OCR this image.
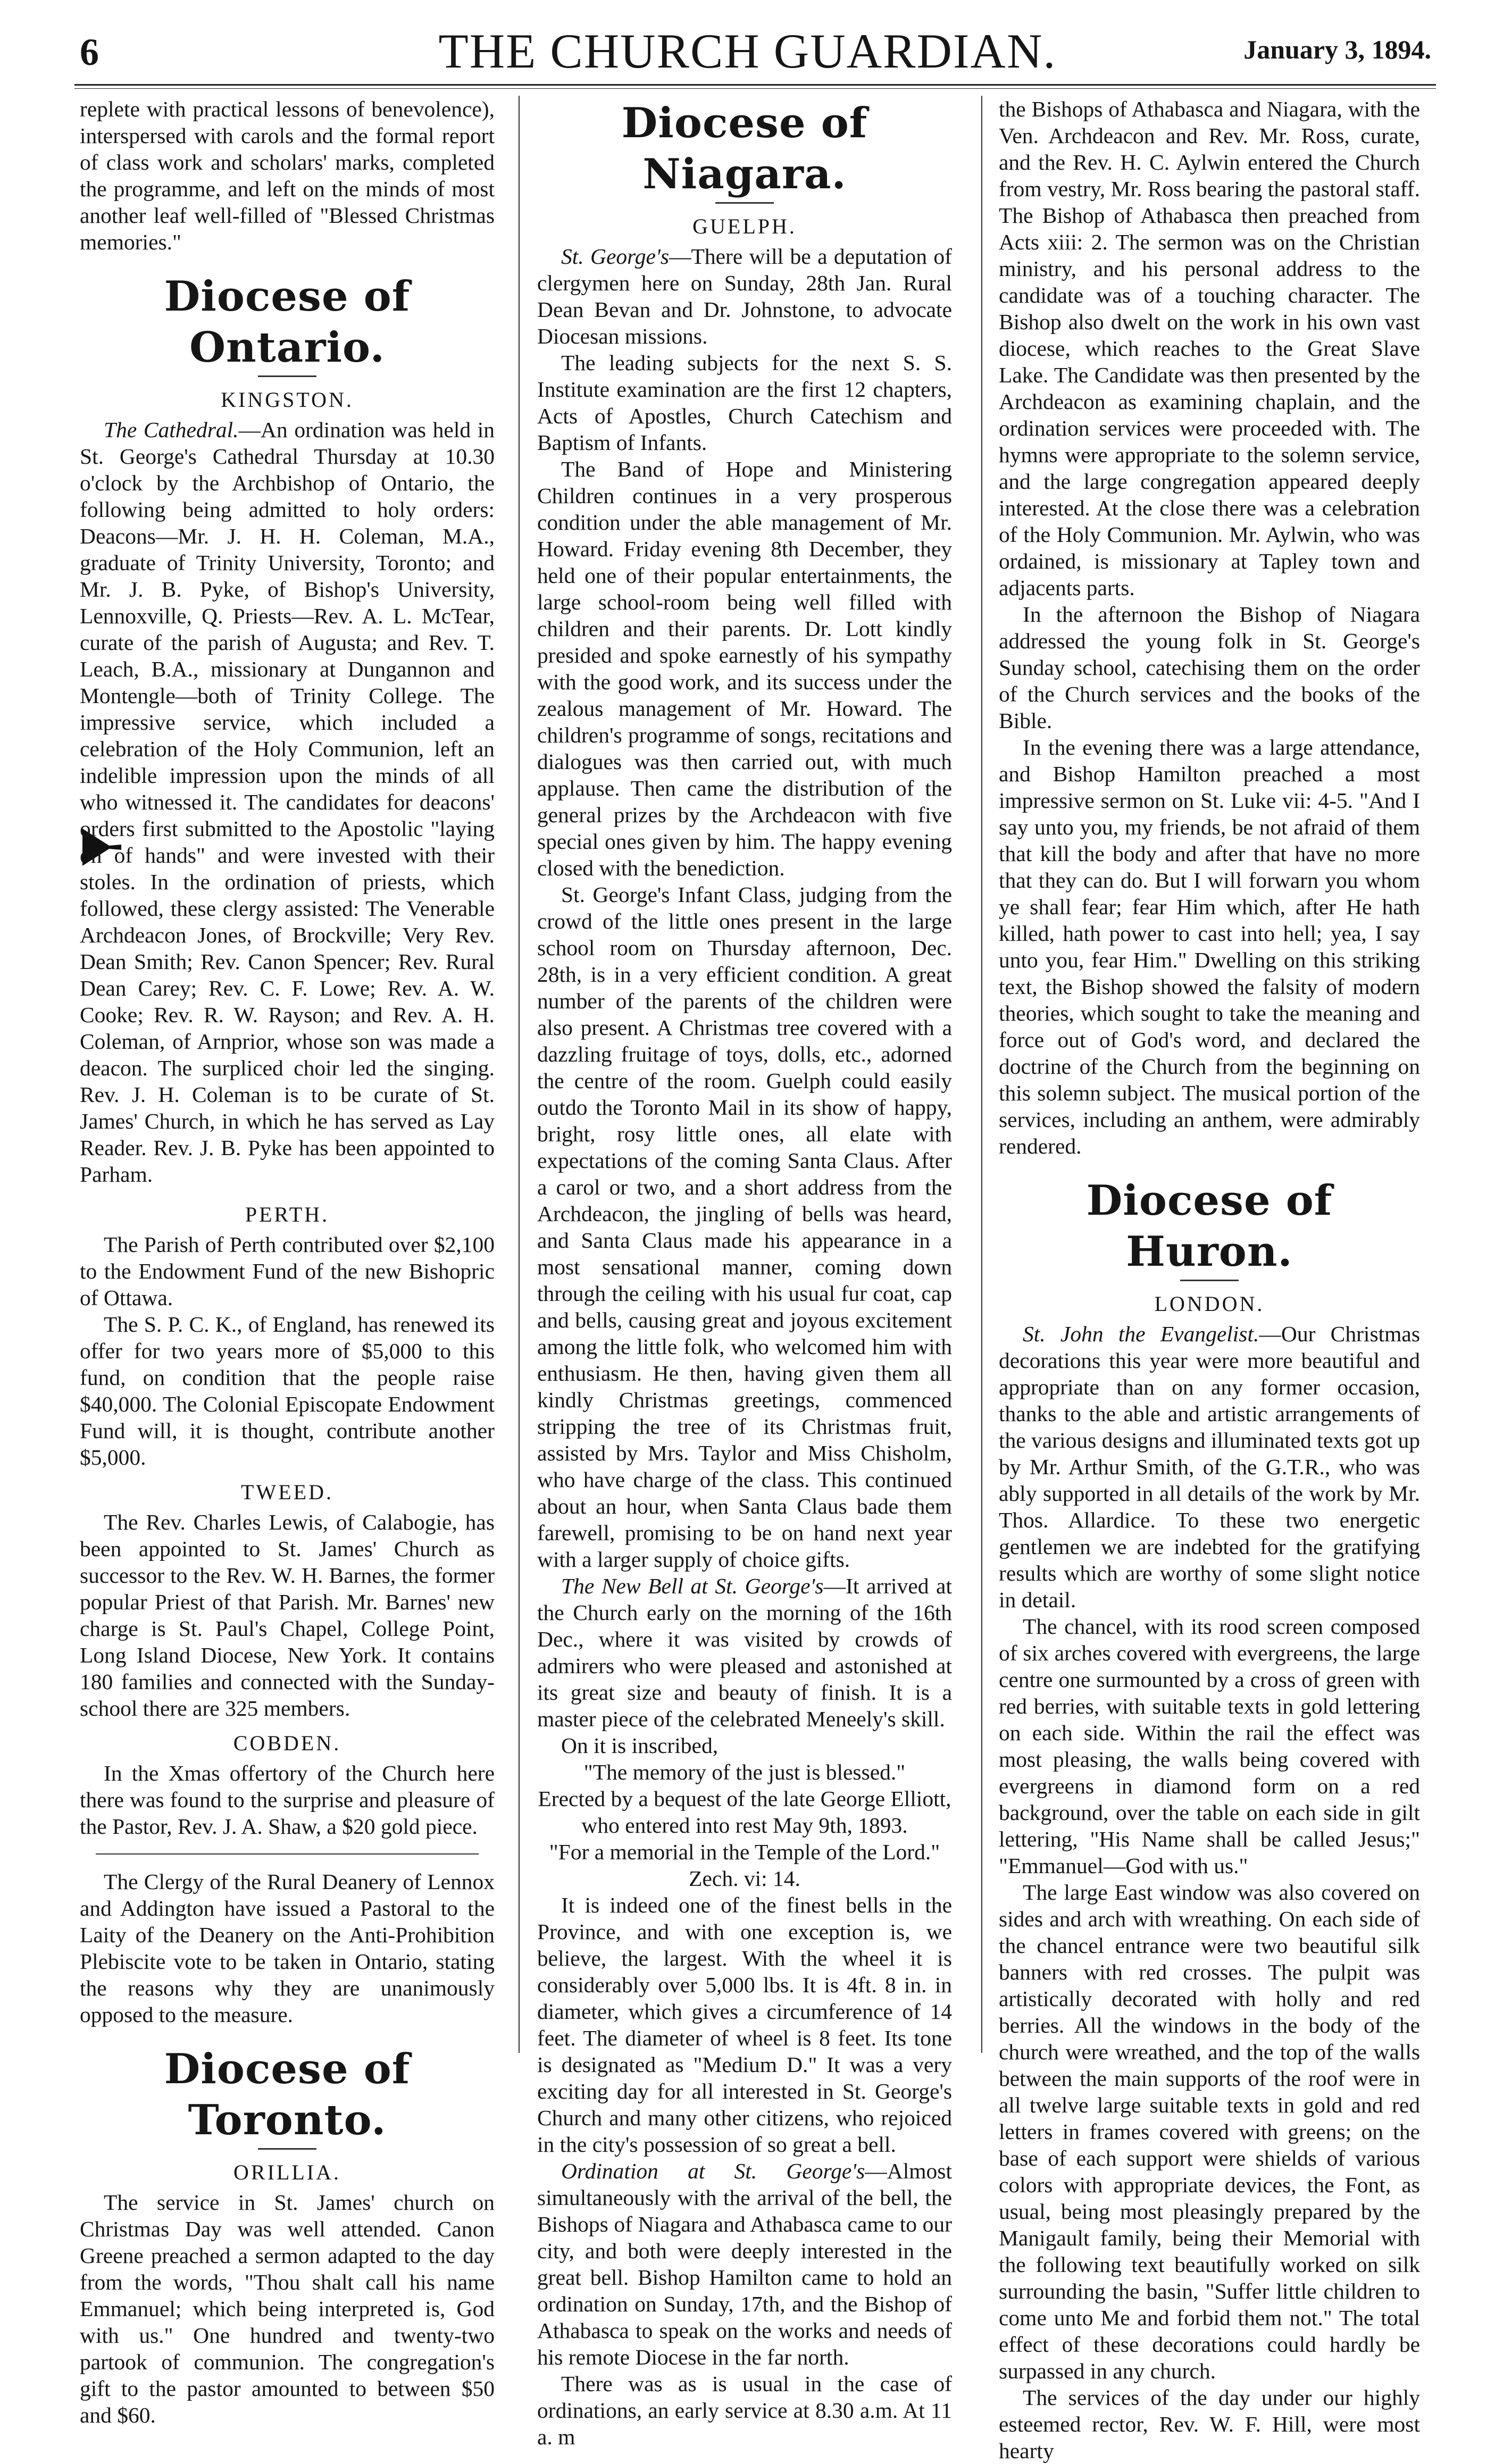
6	THE CHURCH GUARDIAN.	January 3, 1894.

replete with practical lessons of benevolence), interspersed with carols and the formal report of class work and scholars' marks, completed the programme, and left on the minds of most another leaf well-filled of "Blessed Christmas memories."

Diocese of Ontario.
KINGSTON.

The Cathedral.—An ordination was held in St. George's Cathedral Thursday at 10.30 o'clock by the Archbishop of Ontario, the following being admitted to holy orders: Deacons—Mr. J. H. H. Coleman, M.A., graduate of Trinity University, Toronto; and Mr. J. B. Pyke, of Bishop's University, Lennoxville, Q. Priests—Rev. A. L. McTear, curate of the parish of Augusta; and Rev. T. Leach, B.A., missionary at Dungannon and Montengle—both of Trinity College. The impressive service, which included a celebration of the Holy Communion, left an indelible impression upon the minds of all who witnessed it. The candidates for deacons' orders first submitted to the Apostolic "laying on of hands" and were invested with their stoles. In the ordination of priests, which followed, these clergy assisted: The Venerable Archdeacon Jones, of Brockville; Very Rev. Dean Smith; Rev. Canon Spencer; Rev. Rural Dean Carey; Rev. C. F. Lowe; Rev. A. W. Cooke; Rev. R. W. Rayson; and Rev. A. H. Coleman, of Arnprior, whose son was made a deacon. The surpliced choir led the singing. Rev. J. H. Coleman is to be curate of St. James' Church, in which he has served as Lay Reader. Rev. J. B. Pyke has been appointed to Parham.

PERTH.

The Parish of Perth contributed over $2,100 to the Endowment Fund of the new Bishopric of Ottawa.

The S. P. C. K., of England, has renewed its offer for two years more of $5,000 to this fund, on condition that the people raise $40,000. The Colonial Episcopate Endowment Fund will, it is thought, contribute another $5,000.

TWEED.

The Rev. Charles Lewis, of Calabogie, has been appointed to St. James' Church as successor to the Rev. W. H. Barnes, the former popular Priest of that Parish. Mr. Barnes' new charge is St. Paul's Chapel, College Point, Long Island Diocese, New York. It contains 180 families and connected with the Sunday-school there are 325 members.

COBDEN.

In the Xmas offertory of the Church here there was found to the surprise and pleasure of the Pastor, Rev. J. A. Shaw, a $20 gold piece.

The Clergy of the Rural Deanery of Lennox and Addington have issued a Pastoral to the Laity of the Deanery on the Anti-Prohibition Plebiscite vote to be taken in Ontario, stating the reasons why they are unanimously opposed to the measure.

Diocese of Toronto.
ORILLIA.

The service in St. James' church on Christmas Day was well attended. Canon Greene preached a sermon adapted to the day from the words, "Thou shalt call his name Emmanuel; which being interpreted is, God with us." One hundred and twenty-two partook of communion. The congregation's gift to the pastor amounted to between $50 and $60.

Diocese of Niagara.
GUELPH.

St. George's—There will be a deputation of clergymen here on Sunday, 28th Jan. Rural Dean Bevan and Dr. Johnstone, to advocate Diocesan missions.

The leading subjects for the next S. S. Institute examination are the first 12 chapters, Acts of Apostles, Church Catechism and Baptism of Infants.

The Band of Hope and Ministering Children continues in a very prosperous condition under the able management of Mr. Howard. Friday evening 8th December, they held one of their popular entertainments, the large school-room being well filled with children and their parents. Dr. Lott kindly presided and spoke earnestly of his sympathy with the good work, and its success under the zealous management of Mr. Howard. The children's programme of songs, recitations and dialogues was then carried out, with much applause. Then came the distribution of the general prizes by the Archdeacon with five special ones given by him. The happy evening closed with the benediction.

St. George's Infant Class, judging from the crowd of the little ones present in the large school room on Thursday afternoon, Dec. 28th, is in a very efficient condition. A great number of the parents of the children were also present. A Christmas tree covered with a dazzling fruitage of toys, dolls, etc., adorned the centre of the room. Guelph could easily outdo the Toronto Mail in its show of happy, bright, rosy little ones, all elate with expectations of the coming Santa Claus. After a carol or two, and a short address from the Archdeacon, the jingling of bells was heard, and Santa Claus made his appearance in a most sensational manner, coming down through the ceiling with his usual fur coat, cap and bells, causing great and joyous excitement among the little folk, who welcomed him with enthusiasm. He then, having given them all kindly Christmas greetings, commenced stripping the tree of its Christmas fruit, assisted by Mrs. Taylor and Miss Chisholm, who have charge of the class. This continued about an hour, when Santa Claus bade them farewell, promising to be on hand next year with a larger supply of choice gifts.

The New Bell at St. George's—It arrived at the Church early on the morning of the 16th Dec., where it was visited by crowds of admirers who were pleased and astonished at its great size and beauty of finish. It is a master piece of the celebrated Meneely's skill.

On it is inscribed,

"The memory of the just is blessed."

Erected by a bequest of the late George Elliott, who entered into rest May 9th, 1893.

"For a memorial in the Temple of the Lord." Zech. vi: 14.

It is indeed one of the finest bells in the Province, and with one exception is, we believe, the largest. With the wheel it is considerably over 5,000 lbs. It is 4ft. 8 in. in diameter, which gives a circumference of 14 feet. The diameter of wheel is 8 feet. Its tone is designated as "Medium D." It was a very exciting day for all interested in St. George's Church and many other citizens, who rejoiced in the city's possession of so great a bell.

Ordination at St. George's—Almost simultaneously with the arrival of the bell, the Bishops of Niagara and Athabasca came to our city, and both were deeply interested in the great bell. Bishop Hamilton came to hold an ordination on Sunday, 17th, and the Bishop of Athabasca to speak on the works and needs of his remote Diocese in the far north.

There was as is usual in the case of ordinations, an early service at 8.30 a.m. At 11 a. m

the Bishops of Athabasca and Niagara, with the Ven. Archdeacon and Rev. Mr. Ross, curate, and the Rev. H. C. Aylwin entered the Church from vestry, Mr. Ross bearing the pastoral staff. The Bishop of Athabasca then preached from Acts xiii: 2. The sermon was on the Christian ministry, and his personal address to the candidate was of a touching character. The Bishop also dwelt on the work in his own vast diocese, which reaches to the Great Slave Lake. The Candidate was then presented by the Archdeacon as examining chaplain, and the ordination services were proceeded with. The hymns were appropriate to the solemn service, and the large congregation appeared deeply interested. At the close there was a celebration of the Holy Communion. Mr. Aylwin, who was ordained, is missionary at Tapley town and adjacents parts.

In the afternoon the Bishop of Niagara addressed the young folk in St. George's Sunday school, catechising them on the order of the Church services and the books of the Bible.

In the evening there was a large attendance, and Bishop Hamilton preached a most impressive sermon on St. Luke vii: 4-5. "And I say unto you, my friends, be not afraid of them that kill the body and after that have no more that they can do. But I will forwarn you whom ye shall fear; fear Him which, after He hath killed, hath power to cast into hell; yea, I say unto you, fear Him." Dwelling on this striking text, the Bishop showed the falsity of modern theories, which sought to take the meaning and force out of God's word, and declared the doctrine of the Church from the beginning on this solemn subject. The musical portion of the services, including an anthem, were admirably rendered.

Diocese of Huron.
LONDON.

St. John the Evangelist.—Our Christmas decorations this year were more beautiful and appropriate than on any former occasion, thanks to the able and artistic arrangements of the various designs and illuminated texts got up by Mr. Arthur Smith, of the G.T.R., who was ably supported in all details of the work by Mr. Thos. Allardice. To these two energetic gentlemen we are indebted for the gratifying results which are worthy of some slight notice in detail.

The chancel, with its rood screen composed of six arches covered with evergreens, the large centre one surmounted by a cross of green with red berries, with suitable texts in gold lettering on each side. Within the rail the effect was most pleasing, the walls being covered with evergreens in diamond form on a red background, over the table on each side in gilt lettering, "His Name shall be called Jesus;" "Emmanuel—God with us."

The large East window was also covered on sides and arch with wreathing. On each side of the chancel entrance were two beautiful silk banners with red crosses. The pulpit was artistically decorated with holly and red berries. All the windows in the body of the church were wreathed, and the top of the walls between the main supports of the roof were in all twelve large suitable texts in gold and red letters in frames covered with greens; on the base of each support were shields of various colors with appropriate devices, the Font, as usual, being most pleasingly prepared by the Manigault family, being their Memorial with the following text beautifully worked on silk surrounding the basin, "Suffer little children to come unto Me and forbid them not." The total effect of these decorations could hardly be surpassed in any church.

The services of the day under our highly esteemed rector, Rev. W. F. Hill, were most hearty
